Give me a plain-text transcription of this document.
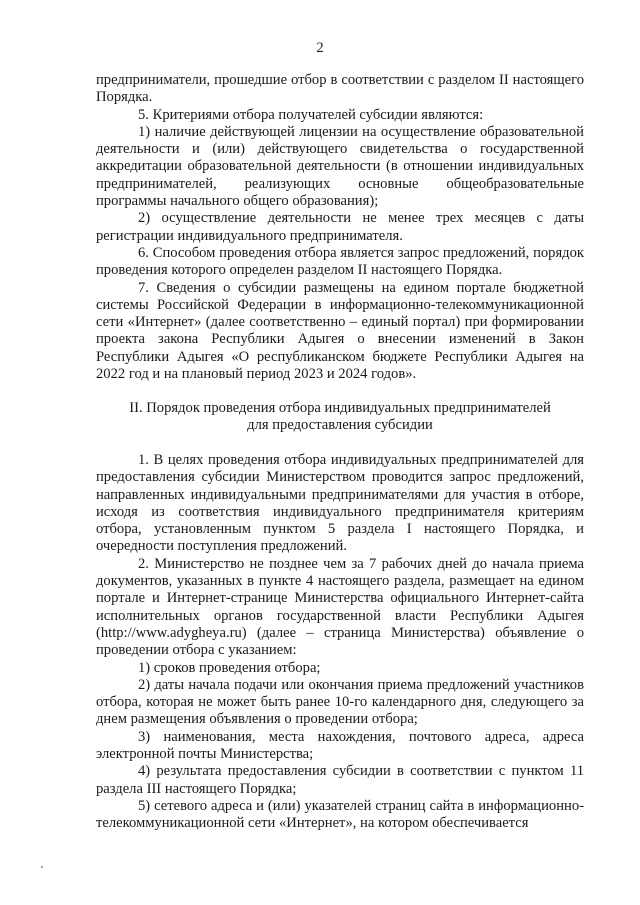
2

предприниматели, прошедшие отбор в соответствии с разделом II настоящего Порядка.

5. Критериями отбора получателей субсидии являются:

1) наличие действующей лицензии на осуществление образовательной деятельности и (или) действующего свидетельства о государственной аккредитации образовательной деятельности (в отношении индивидуальных предпринимателей, реализующих основные общеобразовательные программы начального общего образования);

2) осуществление деятельности не менее трех месяцев с даты регистрации индивидуального предпринимателя.

6. Способом проведения отбора является запрос предложений, порядок проведения которого определен разделом II настоящего Порядка.

7. Сведения о субсидии размещены на едином портале бюджетной системы Российской Федерации в информационно-телекоммуникационной сети «Интернет» (далее соответственно – единый портал) при формировании проекта закона Республики Адыгея о внесении изменений в Закон Республики Адыгея «О республиканском бюджете Республики Адыгея на 2022 год и на плановый период 2023 и 2024 годов».

II. Порядок проведения отбора индивидуальных предпринимателей
для предоставления субсидии

1. В целях проведения отбора индивидуальных предпринимателей для предоставления субсидии Министерством проводится запрос предложений, направленных индивидуальными предпринимателями для участия в отборе, исходя из соответствия индивидуального предпринимателя критериям отбора, установленным пунктом 5 раздела I настоящего Порядка, и очередности поступления предложений.

2. Министерство не позднее чем за 7 рабочих дней до начала приема документов, указанных в пункте 4 настоящего раздела, размещает на едином портале и Интернет-странице Министерства официального Интернет-сайта исполнительных органов государственной власти Республики Адыгея (http://www.adygheya.ru) (далее – страница Министерства) объявление о проведении отбора с указанием:

1) сроков проведения отбора;

2) даты начала подачи или окончания приема предложений участников отбора, которая не может быть ранее 10-го календарного дня, следующего за днем размещения объявления о проведении отбора;

3) наименования, места нахождения, почтового адреса, адреса электронной почты Министерства;

4) результата предоставления субсидии в соответствии с пунктом 11 раздела III настоящего Порядка;

5) сетевого адреса и (или) указателей страниц сайта в информационно-телекоммуникационной сети «Интернет», на котором обеспечивается
